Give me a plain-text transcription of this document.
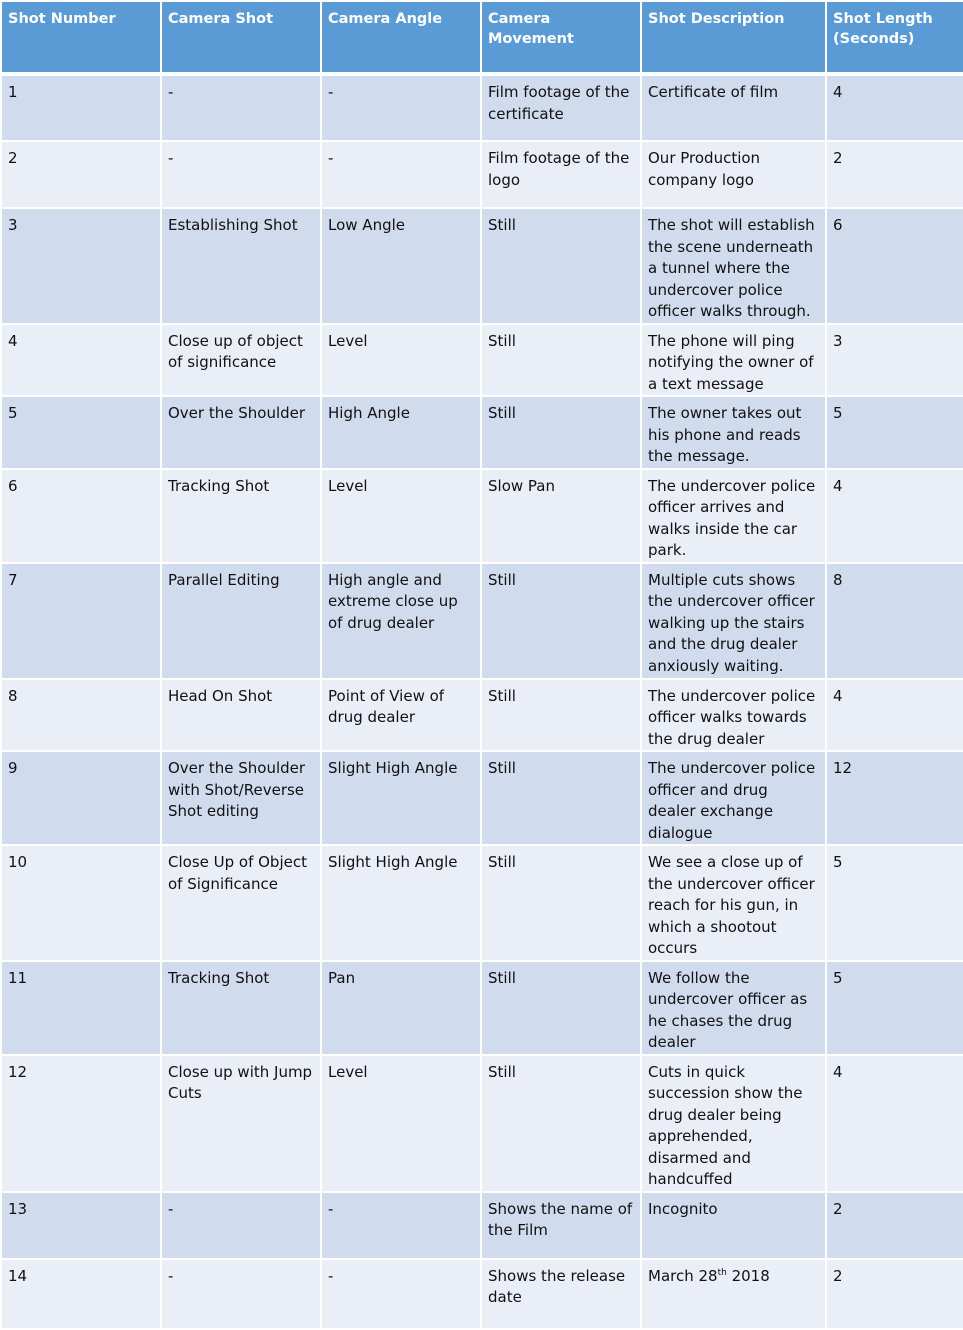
Shot Number	Camera Shot	Camera Angle	Camera Movement	Shot Description	Shot Length (Seconds)
1	-	-	Film footage of the certificate	Certificate of film	4
2	-	-	Film footage of the logo	Our Production company logo	2
3	Establishing Shot	Low Angle	Still	The shot will establish the scene underneath a tunnel where the undercover police officer walks through.	6
4	Close up of object of significance	Level	Still	The phone will ping notifying the owner of a text message	3
5	Over the Shoulder	High Angle	Still	The owner takes out his phone and reads the message.	5
6	Tracking Shot	Level	Slow Pan	The undercover police officer arrives and walks inside the car park.	4
7	Parallel Editing	High angle and extreme close up of drug dealer	Still	Multiple cuts shows the undercover officer walking up the stairs and the drug dealer anxiously waiting.	8
8	Head On Shot	Point of View of drug dealer	Still	The undercover police officer walks towards the drug dealer	4
9	Over the Shoulder with Shot/Reverse Shot editing	Slight High Angle	Still	The undercover police officer and drug dealer exchange dialogue	12
10	Close Up of Object of Significance	Slight High Angle	Still	We see a close up of the undercover officer reach for his gun, in which a shootout occurs	5
11	Tracking Shot	Pan	Still	We follow the undercover officer as he chases the drug dealer	5
12	Close up with Jump Cuts	Level	Still	Cuts in quick succession show the drug dealer being apprehended, disarmed and handcuffed	4
13	-	-	Shows the name of the Film	Incognito	2
14	-	-	Shows the release date	March 28th 2018	2
